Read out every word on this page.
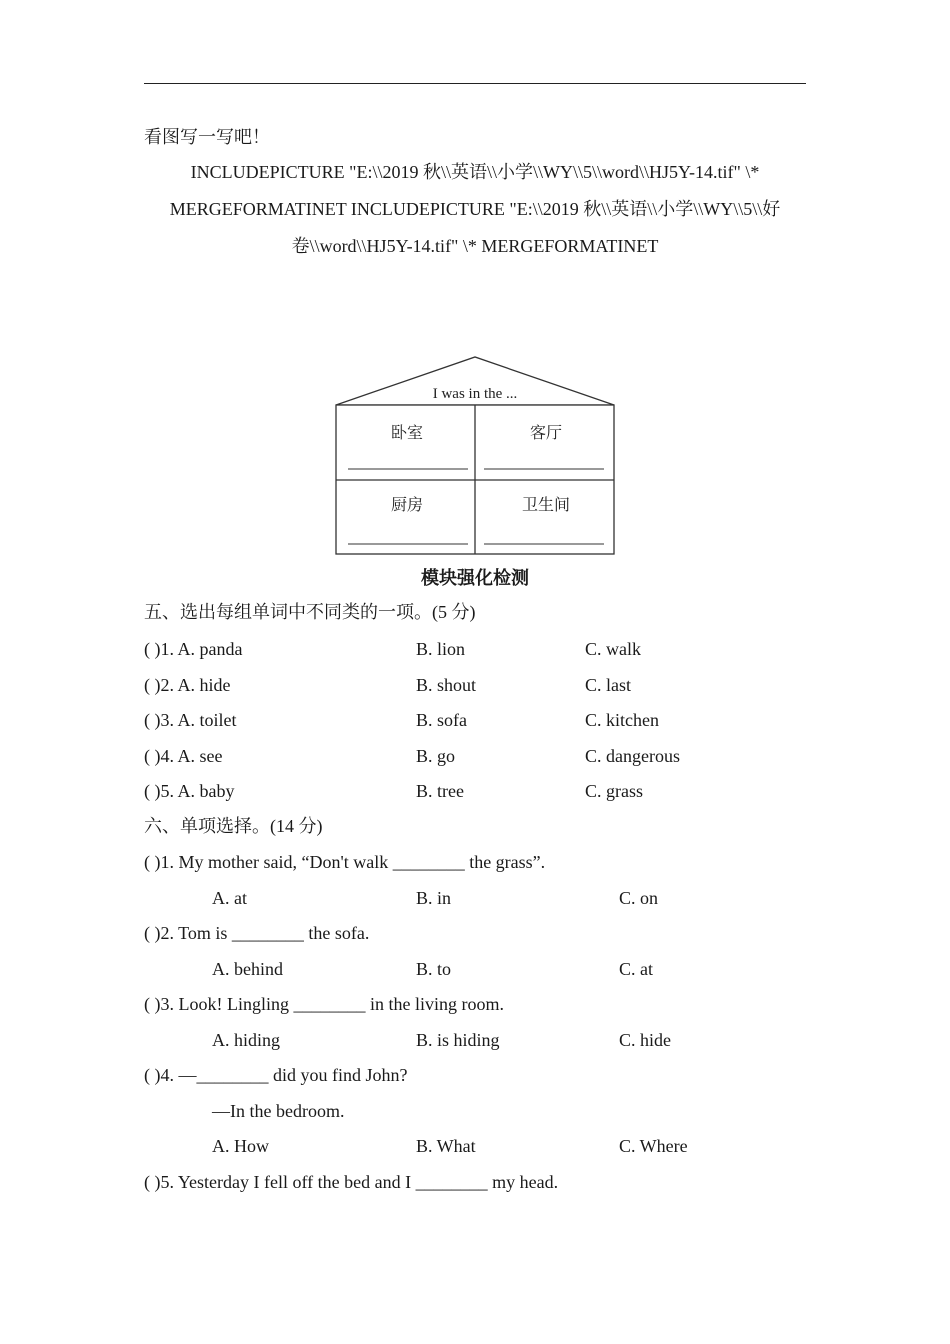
看图写一写吧！
INCLUDEPICTURE "E:\\2019 秋\\英语\\小学\\WY\\5\\word\\HJ5Y-14.tif" \*
MERGEFORMATINET INCLUDEPICTURE "E:\\2019 秋\\英语\\小学\\WY\\5\\好
卷\\word\\HJ5Y-14.tif" \* MERGEFORMATINET
I was in the ...
卧室	客厅
厨房	卫生间
模块强化检测
五、选出每组单词中不同类的一项。(5 分)
( )1. A. panda	B. lion	C. walk
( )2. A. hide	B. shout	C. last
( )3. A. toilet	B. sofa	C. kitchen
( )4. A. see	B. go	C. dangerous
( )5. A. baby	B. tree	C. grass
六、单项选择。(14 分)
( )1. My mother said, “Don't walk ________ the grass”.
A. at	B. in	C. on
( )2. Tom is ________ the sofa.
A. behind	B. to	C. at
( )3. Look! Lingling ________ in the living room.
A. hiding	B. is hiding	C. hide
( )4. —________ did you find John?
—In the bedroom.
A. How	B. What	C. Where
( )5. Yesterday I fell off the bed and I ________ my head.
